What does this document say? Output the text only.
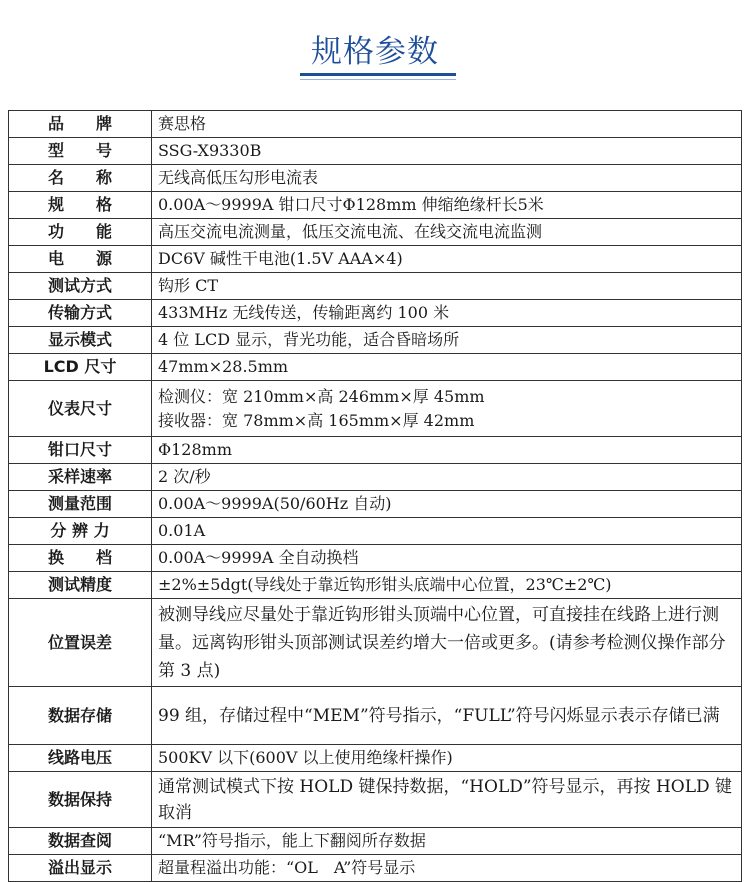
规格参数
品　　牌	赛思格
型　　号	SSG-X9330B
名　　称	无线高低压勾形电流表
规　　格	0.00A～9999A 钳口尺寸Φ128mm 伸缩绝缘杆长5米
功　　能	高压交流电流测量，低压交流电流、在线交流电流监测
电　　源	DC6V 碱性干电池(1.5V AAA×4)
测试方式	钩形 CT
传输方式	433MHz 无线传送，传输距离约 100 米
显示模式	4 位 LCD 显示，背光功能，适合昏暗场所
LCD 尺寸	47mm×28.5mm
仪表尺寸	检测仪：宽 210mm×高 246mm×厚 45mm
接收器：宽 78mm×高 165mm×厚 42mm

钳口尺寸	Φ128mm
采样速率	2 次/秒
测量范围	0.00A～9999A(50/60Hz 自动)
分 辨 力	0.01A
换　　档	0.00A～9999A 全自动换档
测试精度	±2%±5dgt(导线处于靠近钩形钳头底端中心位置，23℃±2℃)
位置误差	被测导线应尽量处于靠近钩形钳头顶端中心位置，可直接挂在线路上进行测量。远离钩形钳头顶部测试误差约增大一倍或更多。(请参考检测仪操作部分第 3 点)
数据存储	99 组，存储过程中“MEM”符号指示，“FULL”符号闪烁显示表示存储已满
线路电压	500KV 以下(600V 以上使用绝缘杆操作)
数据保持	通常测试模式下按 HOLD 键保持数据，“HOLD”符号显示，再按 HOLD 键取消
数据查阅	“MR”符号指示，能上下翻阅所存数据
溢出显示	超量程溢出功能：“OL　A”符号显示
